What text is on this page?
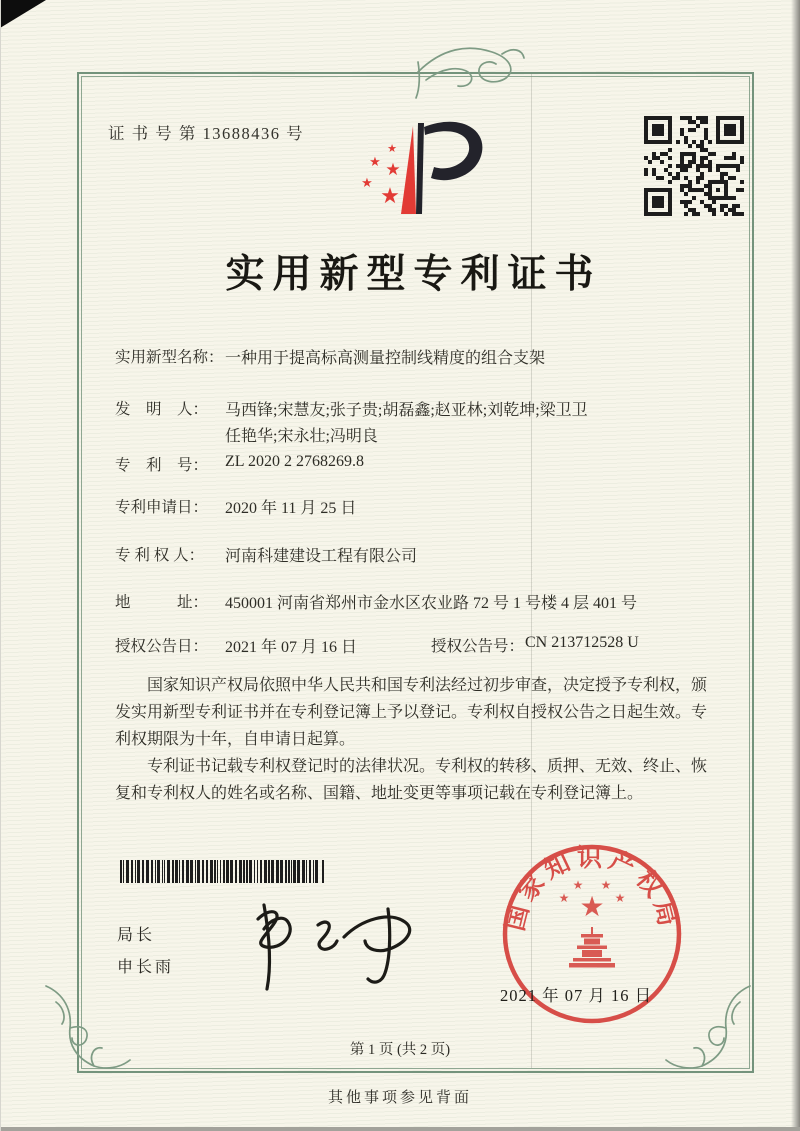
证 书 号 第 13688436 号
★
★ ★
★
★
实用新型专利证书
实用新型名称：一种用于提高标高测量控制线精度的组合支架
发　明　人： 马西锋;宋慧友;张子贵;胡磊鑫;赵亚林;刘乾坤;梁卫卫
任艳华;宋永壮;冯明良
专　利　号： ZL 2020 2 2768269.8
专利申请日： 2020 年 11 月 25 日
专 利 权 人： 河南科建建设工程有限公司
地　　　址： 450001 河南省郑州市金水区农业路 72 号 1 号楼 4 层 401 号
授权公告日： 2021 年 07 月 16 日	授权公告号： CN 213712528 U

国家知识产权局依照中华人民共和国专利法经过初步审查，决定授予专利权，颁发实用新型专利证书并在专利登记簿上予以登记。专利权自授权公告之日起生效。专利权期限为十年，自申请日起算。

专利证书记载专利权登记时的法律状况。专利权的转移、质押、无效、终止、恢复和专利权人的姓名或名称、国籍、地址变更等事项记载在专利登记簿上。

局长
申长雨
国家知识产权局
★
★
★ ★
★
2021 年 07 月 16 日
第 1 页 (共 2 页)
其他事项参见背面
